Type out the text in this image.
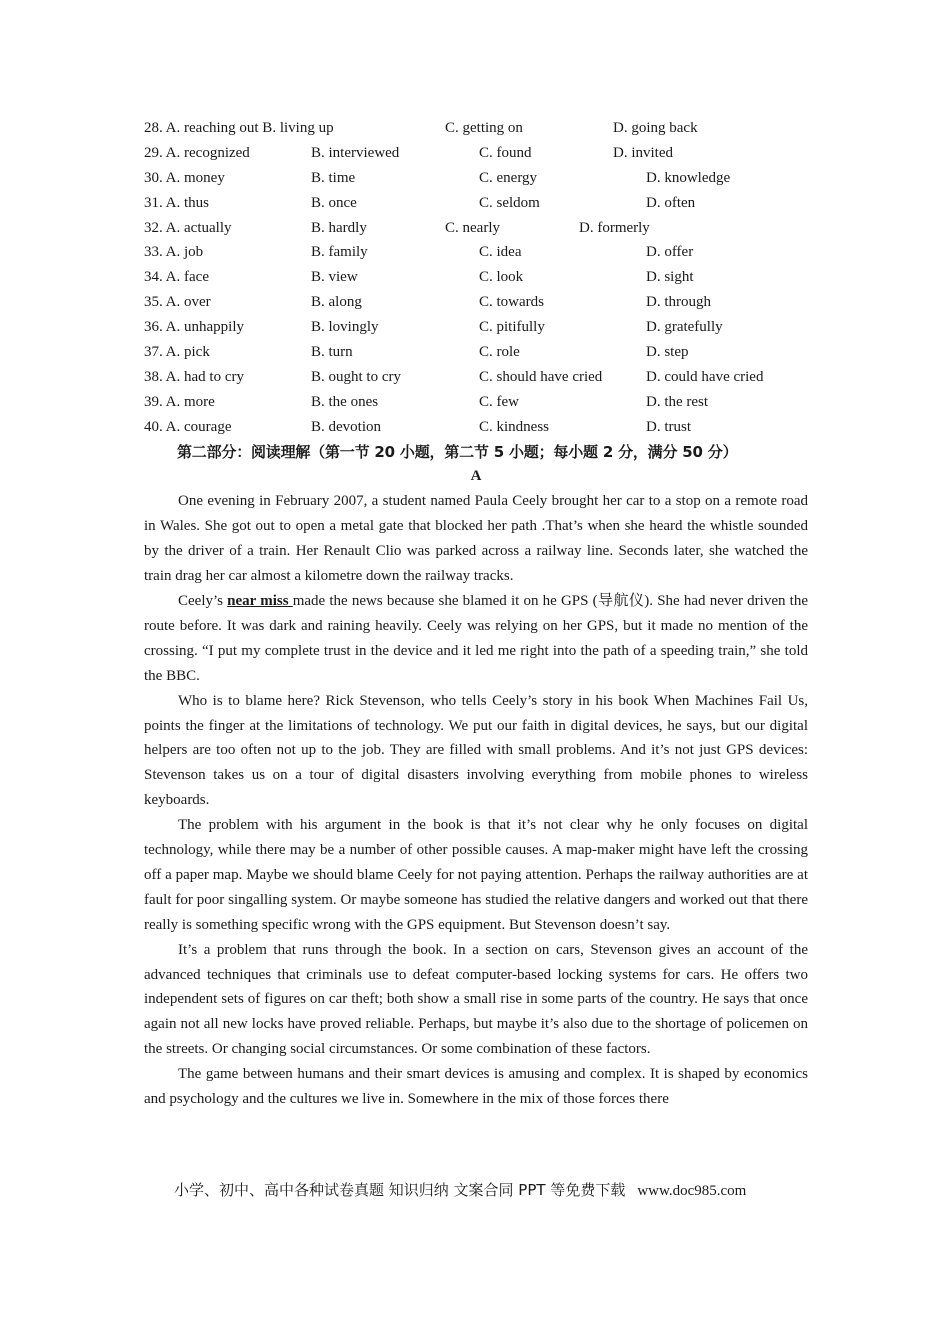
28. A. reaching out B. living up	C. getting on	D. going back
29. A. recognized	B. interviewed	C. found	D. invited
30. A. money	B. time	C. energy	D. knowledge
31. A. thus	B. once	C. seldom	D. often
32. A. actually	B. hardly	C. nearly	D. formerly
33. A. job	B. family	C. idea	D. offer
34. A. face	B. view	C. look	D. sight
35. A. over	B. along	C. towards	D. through
36. A. unhappily	B. lovingly	C. pitifully	D. gratefully
37. A. pick	B. turn	C. role	D. step
38. A. had to cry	B. ought to cry	C. should have cried	D. could have cried
39. A. more	B. the ones	C. few	D. the rest
40. A. courage	B. devotion	C. kindness	D. trust
第二部分：阅读理解（第一节 20 小题，第二节 5 小题；每小题 2 分，满分 50 分）
A

One evening in February 2007, a student named Paula Ceely brought her car to a stop on a remote road in Wales. She got out to open a metal gate that blocked her path .That’s when she heard the whistle sounded by the driver of a train. Her Renault Clio was parked across a railway line. Seconds later, she watched the train drag her car almost a kilometre down the railway tracks.

Ceely’s near miss made the news because she blamed it on he GPS (导航仪). She had never driven the route before. It was dark and raining heavily. Ceely was relying on her GPS, but it made no mention of the crossing. “I put my complete trust in the device and it led me right into the path of a speeding train,” she told the BBC.

Who is to blame here? Rick Stevenson, who tells Ceely’s story in his book When Machines Fail Us, points the finger at the limitations of technology. We put our faith in digital devices, he says, but our digital helpers are too often not up to the job. They are filled with small problems. And it’s not just GPS devices: Stevenson takes us on a tour of digital disasters involving everything from mobile phones to wireless keyboards.

The problem with his argument in the book is that it’s not clear why he only focuses on digital technology, while there may be a number of other possible causes. A map-maker might have left the crossing off a paper map. Maybe we should blame Ceely for not paying attention. Perhaps the railway authorities are at fault for poor singalling system. Or maybe someone has studied the relative dangers and worked out that there really is something specific wrong with the GPS equipment. But Stevenson doesn’t say.

It’s a problem that runs through the book. In a section on cars, Stevenson gives an account of the advanced techniques that criminals use to defeat computer-based locking systems for cars. He offers two independent sets of figures on car theft; both show a small rise in some parts of the country. He says that once again not all new locks have proved reliable. Perhaps, but maybe it’s also due to the shortage of policemen on the streets. Or changing social circumstances. Or some combination of these factors.

The game between humans and their smart devices is amusing and complex. It is shaped by economics and psychology and the cultures we live in. Somewhere in the mix of those forces there

小学、初中、高中各种试卷真题 知识归纳 文案合同 PPT 等免费下载 www.doc985.com
